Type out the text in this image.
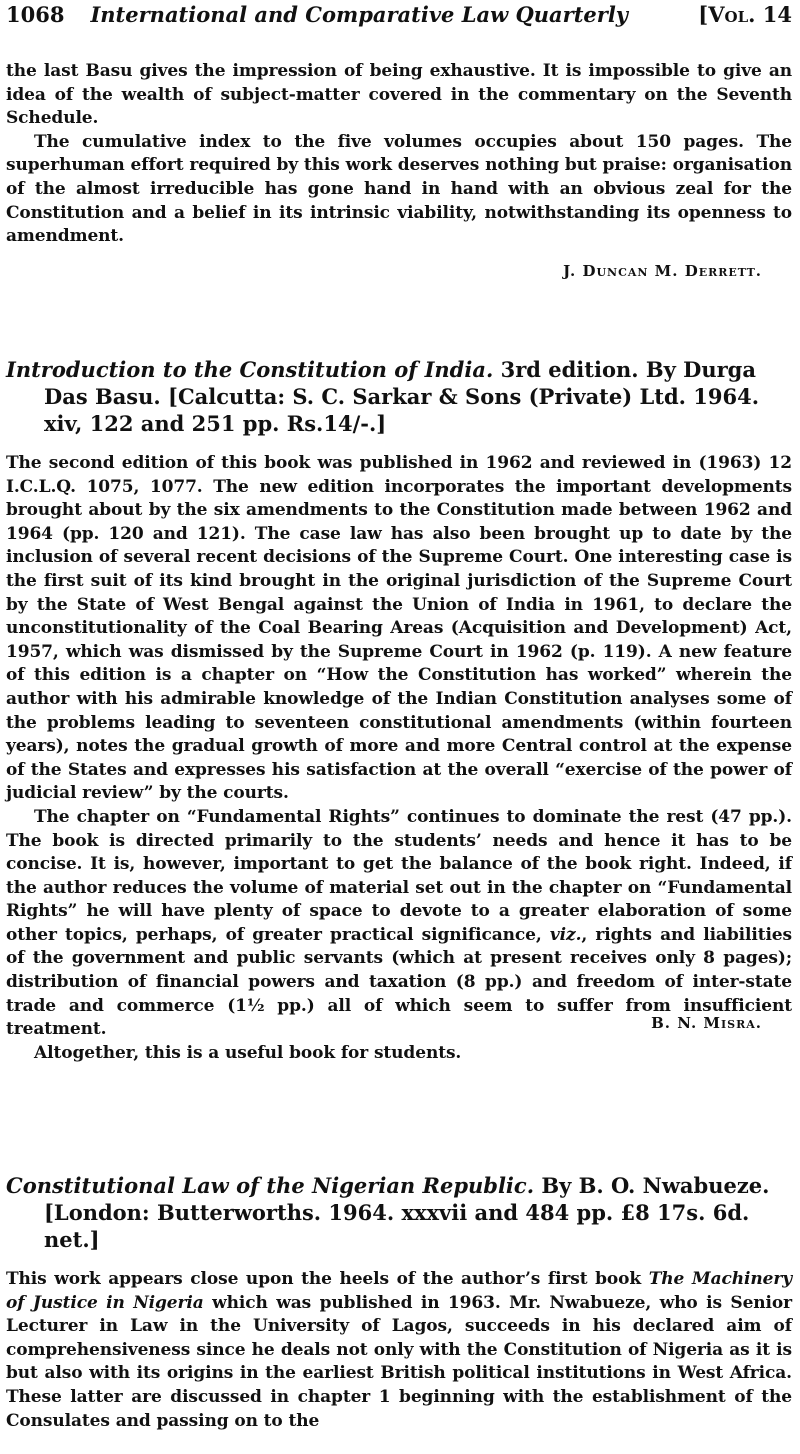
1068 International and Comparative Law Quarterly	[Vol. 14

the last Basu gives the impression of being exhaustive. It is impossible to give an idea of the wealth of subject-matter covered in the commentary on the Seventh Schedule.

The cumulative index to the five volumes occupies about 150 pages. The superhuman effort required by this work deserves nothing but praise: organisation of the almost irreducible has gone hand in hand with an obvious zeal for the Constitution and a belief in its intrinsic viability, notwithstanding its openness to amendment.

J. Duncan M. Derrett.
Introduction to the Constitution of India. 3rd edition. By Durga Das Basu. [Calcutta: S. C. Sarkar & Sons (Private) Ltd. 1964. xiv, 122 and 251 pp. Rs.14/-.]

The second edition of this book was published in 1962 and reviewed in (1963) 12 I.C.L.Q. 1075, 1077. The new edition incorporates the important developments brought about by the six amendments to the Constitution made between 1962 and 1964 (pp. 120 and 121). The case law has also been brought up to date by the inclusion of several recent decisions of the Supreme Court. One interesting case is the first suit of its kind brought in the original jurisdiction of the Supreme Court by the State of West Bengal against the Union of India in 1961, to declare the unconstitutionality of the Coal Bearing Areas (Acquisition and Development) Act, 1957, which was dismissed by the Supreme Court in 1962 (p. 119). A new feature of this edition is a chapter on “How the Constitution has worked” wherein the author with his admirable knowledge of the Indian Constitution analyses some of the problems leading to seventeen constitutional amendments (within fourteen years), notes the gradual growth of more and more Central control at the expense of the States and expresses his satisfaction at the overall “exercise of the power of judicial review” by the courts.

The chapter on “Fundamental Rights” continues to dominate the rest (47 pp.). The book is directed primarily to the students’ needs and hence it has to be concise. It is, however, important to get the balance of the book right. Indeed, if the author reduces the volume of material set out in the chapter on “Fundamental Rights” he will have plenty of space to devote to a greater elaboration of some other topics, perhaps, of greater practical significance, viz., rights and liabilities of the government and public servants (which at present receives only 8 pages); distribution of financial powers and taxation (8 pp.) and freedom of inter-state trade and commerce (1½ pp.) all of which seem to suffer from insufficient treatment.

Altogether, this is a useful book for students.

B. N. Misra.
Constitutional Law of the Nigerian Republic. By B. O. Nwabueze. [London: Butterworths. 1964. xxxvii and 484 pp. £8 17s. 6d. net.]

This work appears close upon the heels of the author’s first book The Machinery of Justice in Nigeria which was published in 1963. Mr. Nwabueze, who is Senior Lecturer in Law in the University of Lagos, succeeds in his declared aim of comprehensiveness since he deals not only with the Constitution of Nigeria as it is but also with its origins in the earliest British political institutions in West Africa. These latter are discussed in chapter 1 beginning with the establishment of the Consulates and passing on to the
